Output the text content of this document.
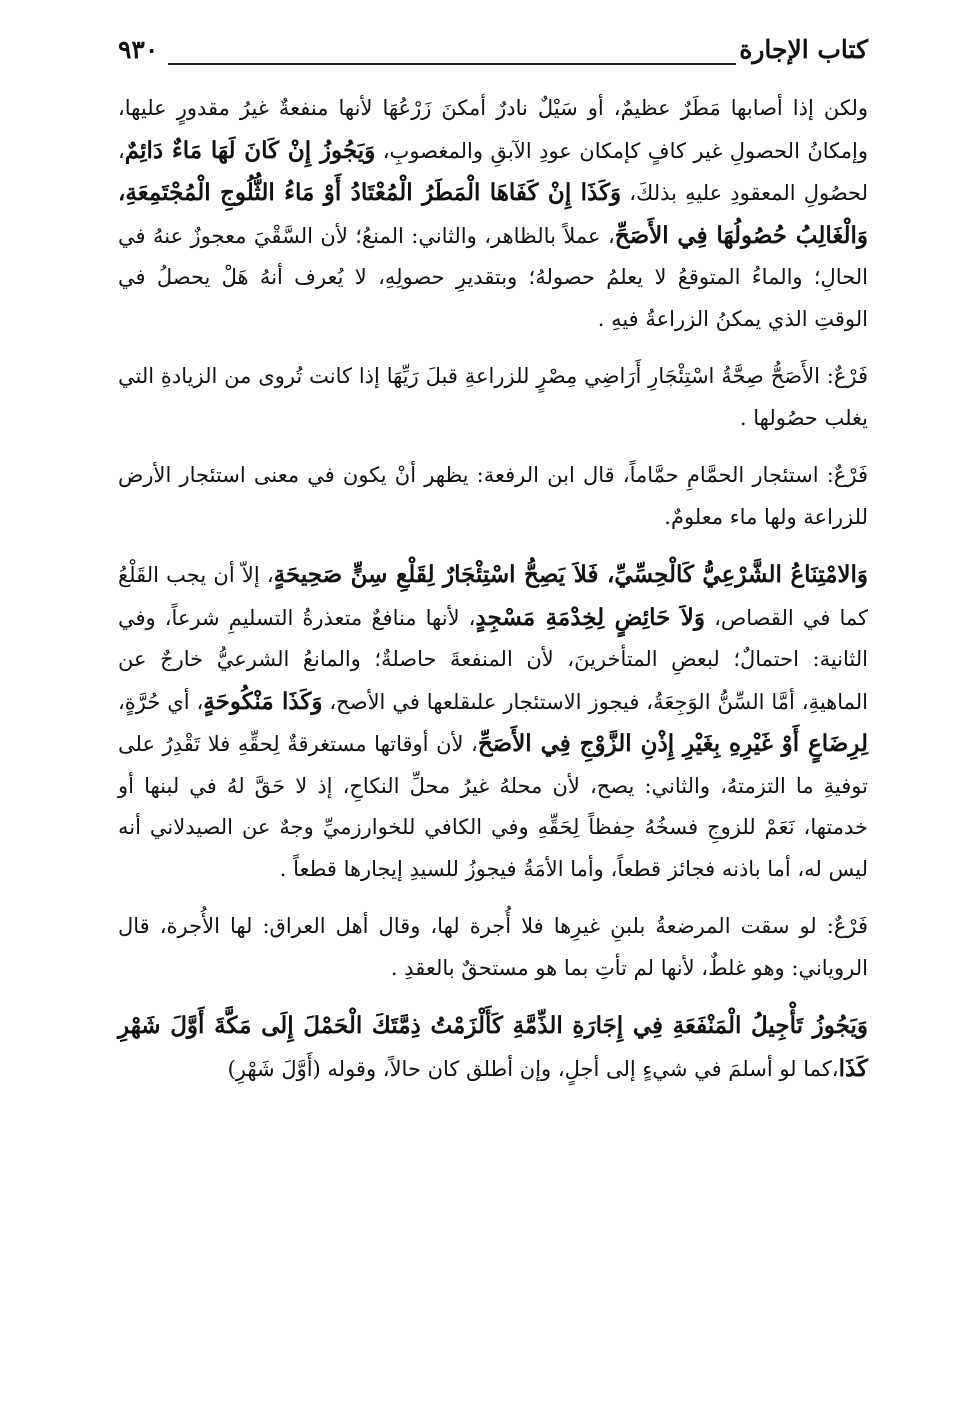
كتاب الإجارة
٩٣٠

ولكن إذا أصابها مَطَرٌ عظيمٌ، أو سَيْلٌ نادرٌ أمكنَ زَرْعُهَا لأنها منفعةٌ غيرُ مقدورٍ عليها، وإمكانُ الحصولِ غير كافٍ كإمكان عودِ الآبقِ والمغصوبِ، وَيَجُوزُ إِنْ كَانَ لَهَا مَاءٌ دَائِمٌ، لحصُولِ المعقودِ عليهِ بذلكَ، وَكَذَا إِنْ كَفَاهَا الْمَطَرُ الْمُعْتَادُ أَوْ مَاءُ الثُّلُوجِ الْمُجْتَمِعَةِ، وَالْغَالِبُ حُصُولُهَا فِي الأَصَحِّ، عملاً بالظاهر، والثاني: المنعُ؛ لأن السَّقْيَ معجوزٌ عنهُ في الحالِ؛ والماءُ المتوقعُ لا يعلمُ حصولهُ؛ وبتقديرِ حصولِهِ، لا يُعرف أنهُ هَلْ يحصلُ في الوقتِ الذي يمكنُ الزراعةُ فيهِ .

فَرْعٌ: الأَصَحُّ صِحَّةُ اسْتِئْجَارِ أَرَاضِي مِصْرٍ للزراعةِ قبلَ رَيِّهَا إذا كانت تُروى من الزيادةِ التي يغلب حصُولها .

فَرْعٌ: استئجار الحمَّامِ حمَّاماً، قال ابن الرفعة: يظهر أنْ يكون في معنى استئجار الأرض للزراعة ولها ماء معلومٌ.

وَالامْتِنَاعُ الشَّرْعِيُّ كَالْحِسِّيِّ، فَلاَ يَصِحُّ اسْتِئْجَارٌ لِقَلْعِ سِنٍّ صَحِيحَةٍ، إلاّ أن يجب القَلْعُ كما في القصاص، وَلاَ حَائِضٍ لِخِدْمَةِ مَسْجِدٍ، لأنها منافعٌ متعذرةُ التسليمِ شرعاً، وفي الثانية: احتمالٌ؛ لبعضِ المتأخرينَ، لأن المنفعةَ حاصلةٌ؛ والمانعُ الشرعيُّ خارجٌ عن الماهيةِ، أمَّا السِّنُّ الوَجِعَةُ، فيجوز الاستئجار علىقلعها في الأصح، وَكَذَا مَنْكُوحَةٍ، أي حُرَّةٍ، لِرِضَاعٍ أَوْ غَيْرِهِ بِغَيْرِ إِذْنِ الزَّوْجِ فِي الأَصَحِّ، لأن أوقاتها مستغرقةٌ لِحقِّهِ فلا تَقْدِرُ على توفيةِ ما التزمتهُ، والثاني: يصح، لأن محلهُ غيرُ محلِّ النكاحِ، إذ لا حَقَّ لهُ في لبنها أو خدمتها، نَعَمْ للزوجِ فسخُهُ حِفظاً لِحَقِّهِ وفي الكافي للخوارزميِّ وجهٌ عن الصيدلاني أنه ليس له، أما باذنه فجائز قطعاً، وأما الأمَةُ فيجوزُ للسيدِ إيجارها قطعاً .

فَرْعٌ: لو سقت المرضعةُ بلبنِ غيرِها فلا أُجرة لها، وقال أهل العراق: لها الأُجرة، قال الروياني: وهو غلطٌ، لأنها لم تأتِ بما هو مستحقٌ بالعقدِ .

وَيَجُوزُ تَأْجِيلُ الْمَنْفَعَةِ فِي إِجَارَةِ الذِّمَّةِ كَأَلْزَمْتُ ذِمَّتَكَ الْحَمْلَ إِلَى مَكَّةَ أَوَّلَ شَهْرِ كَذَا،كما لو أسلمَ في شيءٍ إلى أجلٍ، وإن أطلق كان حالاً، وقوله (أَوَّلَ شَهْرِ)
